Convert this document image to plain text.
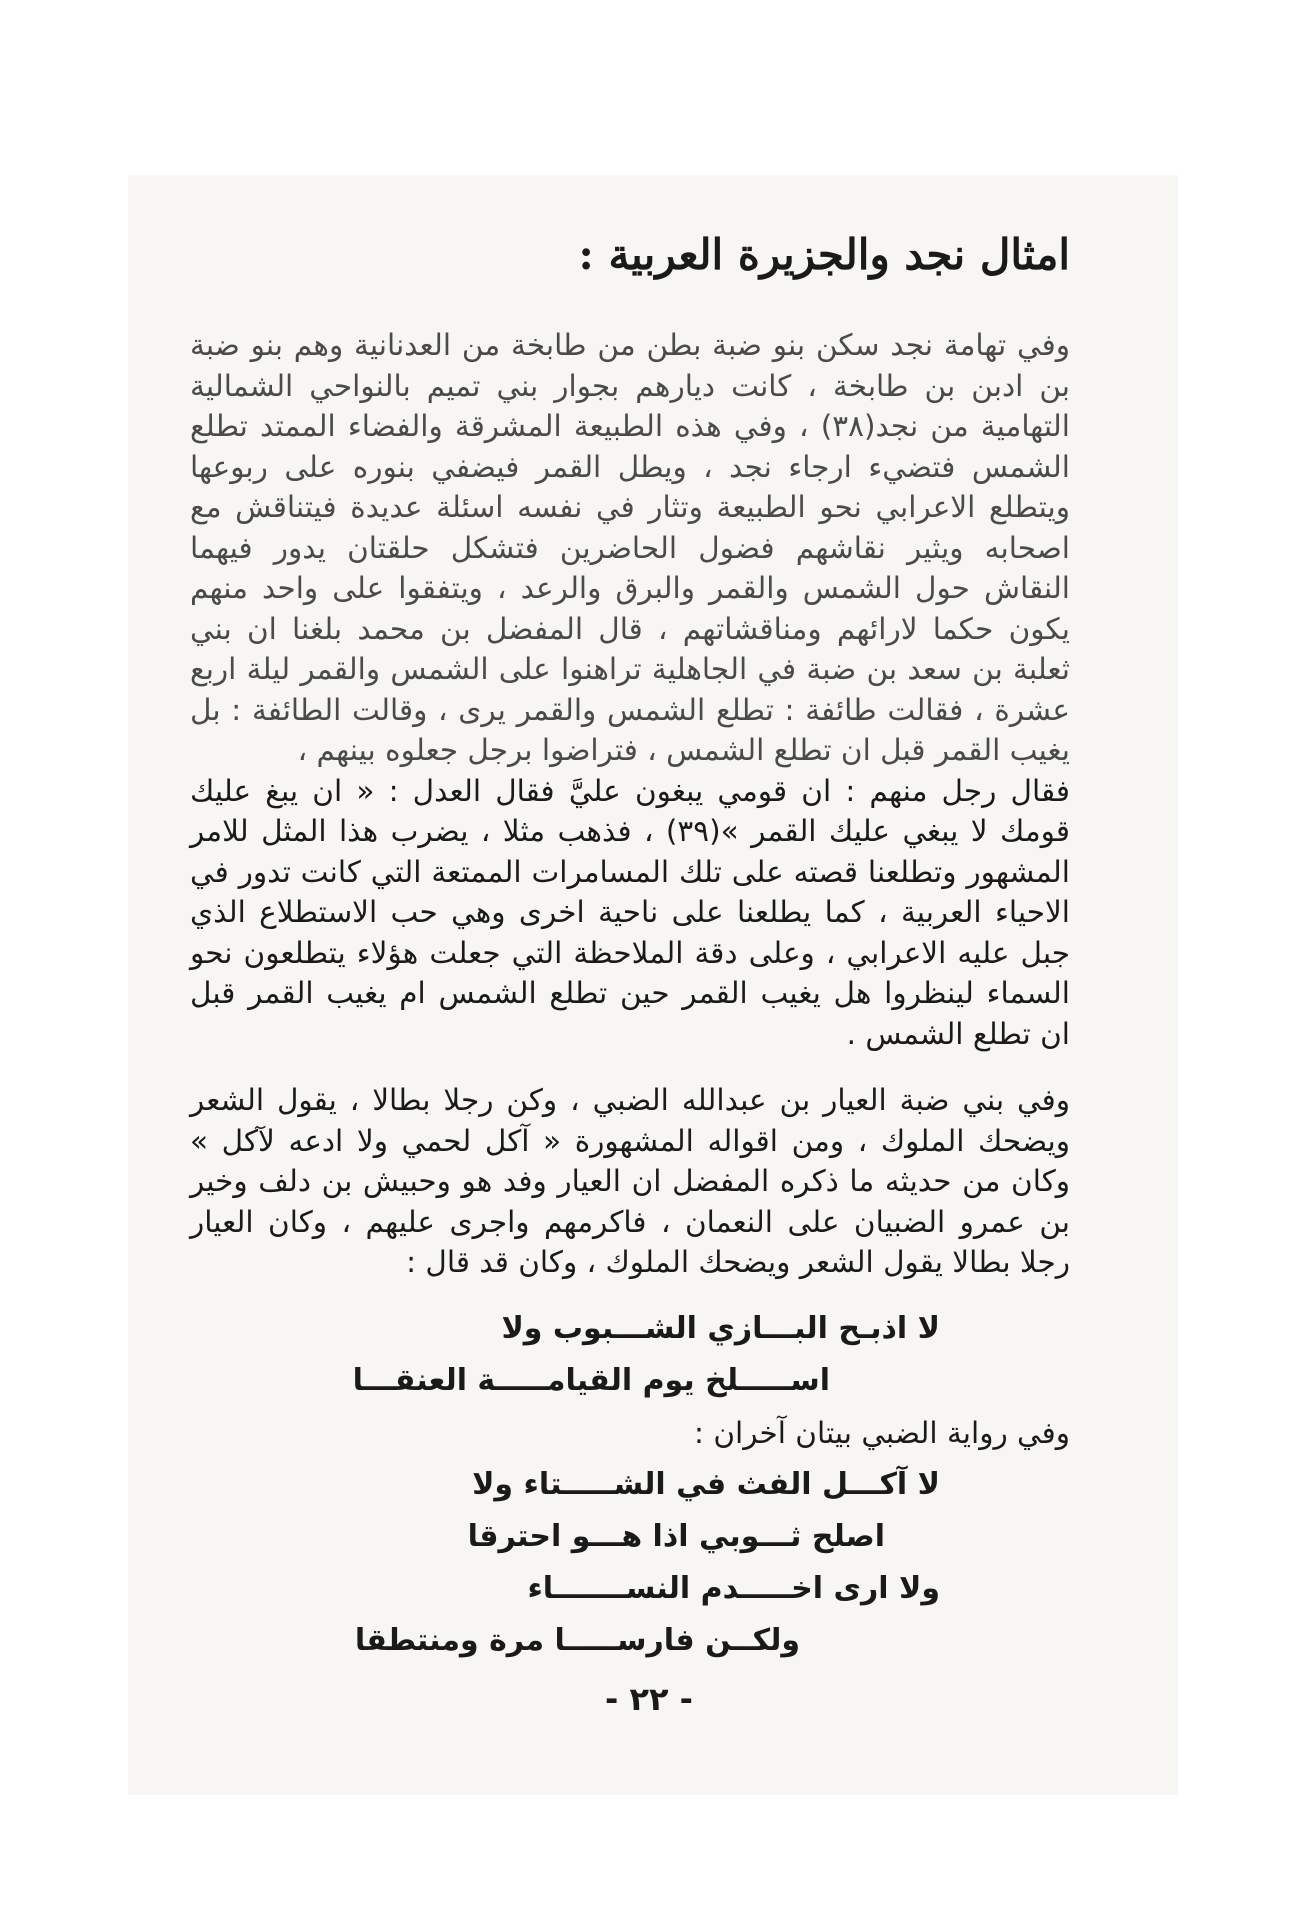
امثال نجد والجزيرة العربية :

وفي تهامة نجد سكن بنو ضبة بطن من طابخة من العدنانية وهم بنو ضبة بن ادبن بن طابخة ، كانت ديارهم بجوار بني تميم بالنواحي الشمالية التهامية من نجد(٣٨) ، وفي هذه الطبيعة المشرقة والفضاء الممتد تطلع الشمس فتضيء ارجاء نجد ، ويطل القمر فيضفي بنوره على ربوعها ويتطلع الاعرابي نحو الطبيعة وتثار في نفسه اسئلة عديدة فيتناقش مع اصحابه ويثير نقاشهم فضول الحاضرين فتشكل حلقتان يدور فيهما النقاش حول الشمس والقمر والبرق والرعد ، ويتفقوا على واحد منهم يكون حكما لارائهم ومناقشاتهم ، قال المفضل بن محمد بلغنا ان بني ثعلبة بن سعد بن ضبة في الجاهلية تراهنوا على الشمس والقمر ليلة اربع عشرة ، فقالت طائفة : تطلع الشمس والقمر يرى ، وقالت الطائفة : بل يغيب القمر قبل ان تطلع الشمس ، فتراضوا برجل جعلوه بينهم ،

فقال رجل منهم : ان قومي يبغون عليَّ فقال العدل : « ان يبغ عليك قومك لا يبغي عليك القمر »(٣٩) ، فذهب مثلا ، يضرب هذا المثل للامر المشهور وتطلعنا قصته على تلك المسامرات الممتعة التي كانت تدور في الاحياء العربية ، كما يطلعنا على ناحية اخرى وهي حب الاستطلاع الذي جبل عليه الاعرابي ، وعلى دقة الملاحظة التي جعلت هؤلاء يتطلعون نحو السماء لينظروا هل يغيب القمر حين تطلع الشمس ام يغيب القمر قبل ان تطلع الشمس .

وفي بني ضبة العيار بن عبدالله الضبي ، وكن رجلا بطالا ، يقول الشعر ويضحك الملوك ، ومن اقواله المشهورة « آكل لحمي ولا ادعه لآكل » وكان من حديثه ما ذكره المفضل ان العيار وفد هو وحبيش بن دلف وخير بن عمرو الضبيان على النعمان ، فاكرمهم واجرى عليهم ، وكان العيار رجلا بطالا يقول الشعر ويضحك الملوك ، وكان قد قال :

لا اذبـح البـــازي الشـــبوب ولا

اســـــلخ يوم القيامـــــة العنقـــا

وفي رواية الضبي بيتان آخران :

لا آكـــل الفث في الشـــــتاء ولا

اصلح ثـــوبي اذا هـــو احترقا

ولا ارى اخـــــدم النســـــــاء

ولكــن فارســـــا مرة ومنتطقا

- ٢٢ -
